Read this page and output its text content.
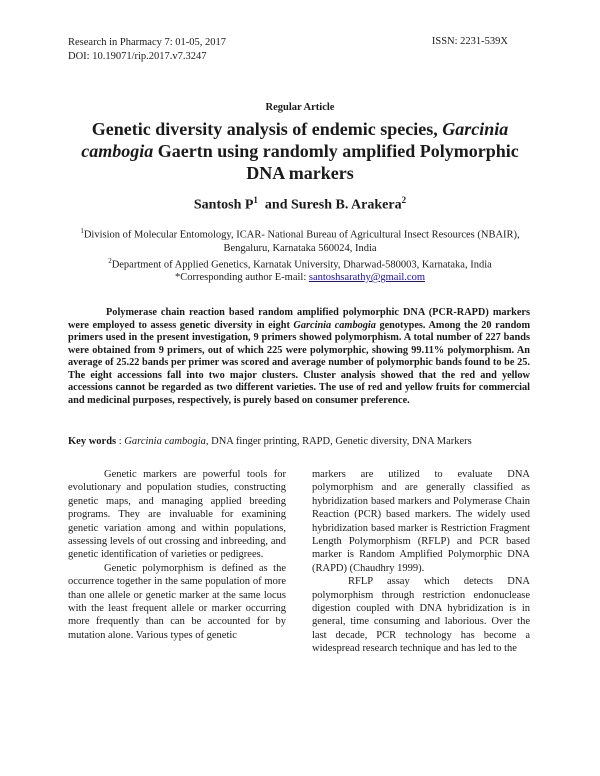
Research in Pharmacy 7: 01-05, 2017
DOI: 10.19071/rip.2017.v7.3247
ISSN: 2231-539X
Regular Article
Genetic diversity analysis of endemic species, Garcinia cambogia Gaertn using randomly amplified Polymorphic DNA markers
Santosh $P^1$  and Suresh B. Arakera$^2$
$^1$Division of Molecular Entomology, ICAR- National Bureau of Agricultural Insect Resources (NBAIR), Bengaluru, Karnataka 560024, India
$^2$Department of Applied Genetics, Karnatak University, Dharwad-580003, Karnataka, India
*Corresponding author E-mail: santoshsarathy@gmail.com
Polymerase chain reaction based random amplified polymorphic DNA (PCR-RAPD) markers were employed to assess genetic diversity in eight Garcinia cambogia genotypes. Among the 20 random primers used in the present investigation, 9 primers showed polymorphism. A total number of 227 bands were obtained from 9 primers, out of which 225 were polymorphic, showing 99.11% polymorphism. An average of 25.22 bands per primer was scored and average number of polymorphic bands found to be 25. The eight accessions fall into two major clusters. Cluster analysis showed that the red and yellow accessions cannot be regarded as two different varieties. The use of red and yellow fruits for commercial and medicinal purposes, respectively, is purely based on consumer preference.
Key words : Garcinia cambogia, DNA finger printing, RAPD, Genetic diversity, DNA Markers

Genetic markers are powerful tools for evolutionary and population studies, constructing genetic maps, and managing applied breeding programs. They are invaluable for examining genetic variation among and within populations, assessing levels of out crossing and inbreeding, and genetic identification of varieties or pedigrees.

Genetic polymorphism is defined as the occurrence together in the same population of more than one allele or genetic marker at the same locus with the least frequent allele or marker occurring more frequently than can be accounted for by mutation alone. Various types of genetic

markers are utilized to evaluate DNA polymorphism and are generally classified as hybridization based markers and Polymerase Chain Reaction (PCR) based markers. The widely used hybridization based marker is Restriction Fragment Length Polymorphism (RFLP) and PCR based marker is Random Amplified Polymorphic DNA (RAPD) (Chaudhry 1999).

RFLP assay which detects DNA polymorphism through restriction endonuclease digestion coupled with DNA hybridization is in general, time consuming and laborious. Over the last decade, PCR technology has become a widespread research technique and has led to the
